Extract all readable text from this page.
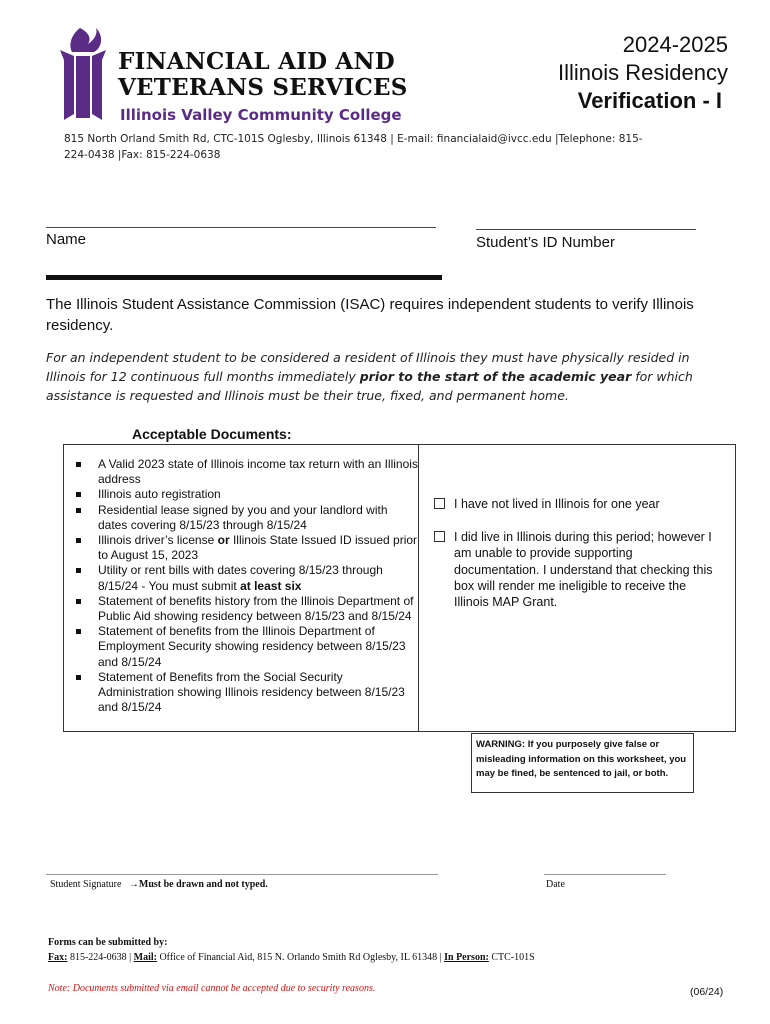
FINANCIAL AID AND
VETERANS SERVICES
Illinois Valley Community College
2024-2025
Illinois Residency
Verification - I
815 North Orland Smith Rd, CTC-101S Oglesby, Illinois 61348 | E-mail: financialaid@ivcc.edu |Telephone: 815-224-0438 |Fax: 815-224-0638
Name	Student’s ID Number
The Illinois Student Assistance Commission (ISAC) requires independent students to verify Illinois residency.
For an independent student to be considered a resident of Illinois they must have physically resided in Illinois for 12 continuous full months immediately prior to the start of the academic year for which assistance is requested and Illinois must be their true, fixed, and permanent home.
Acceptable Documents:
A Valid 2023 state of Illinois income tax return with an Illinois address
Illinois auto registration
Residential lease signed by you and your landlord with dates covering 8/15/23 through 8/15/24
Illinois driver’s license or Illinois State Issued ID issued prior to August 15, 2023
Utility or rent bills with dates covering 8/15/23 through 8/15/24 - You must submit at least six
Statement of benefits history from the Illinois Department of Public Aid showing residency between 8/15/23 and 8/15/24
Statement of benefits from the Illinois Department of Employment Security showing residency between 8/15/23 and 8/15/24
Statement of Benefits from the Social Security Administration showing Illinois residency between 8/15/23 and 8/15/24
I have not lived in Illinois for one year
I did live in Illinois during this period; however I am unable to provide supporting documentation. I understand that checking this box will render me ineligible to receive the Illinois MAP Grant.
WARNING: If you purposely give false or misleading information on this worksheet, you may be fined, be sentenced to jail, or both.
Student Signature →Must be drawn and not typed.	Date
Forms can be submitted by:
Fax: 815-224-0638 | Mail: Office of Financial Aid, 815 N. Orlando Smith Rd Oglesby, IL 61348 | In Person: CTC-101S
Note: Documents submitted via email cannot be accepted due to security reasons.	(06/24)
